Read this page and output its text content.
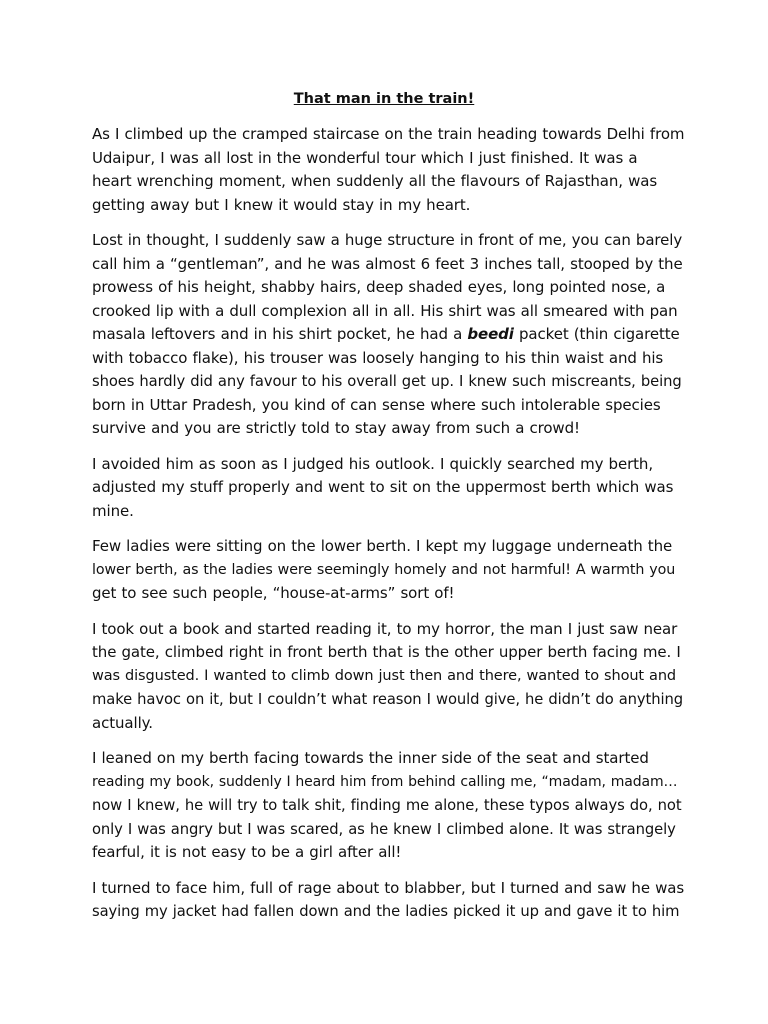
That man in the train!

As I climbed up the cramped staircase on the train heading towards Delhi from
Udaipur, I was all lost in the wonderful tour which I just finished. It was a
heart wrenching moment, when suddenly all the flavours of Rajasthan, was
getting away but I knew it would stay in my heart.

Lost in thought, I suddenly saw a huge structure in front of me, you can barely
call him a “gentleman”, and he was almost 6 feet 3 inches tall, stooped by the
prowess of his height, shabby hairs, deep shaded eyes, long pointed nose, a
crooked lip with a dull complexion all in all. His shirt was all smeared with pan
masala leftovers and in his shirt pocket, he had a beedi packet (thin cigarette
with tobacco flake), his trouser was loosely hanging to his thin waist and his
shoes hardly did any favour to his overall get up. I knew such miscreants, being
born in Uttar Pradesh, you kind of can sense where such intolerable species
survive and you are strictly told to stay away from such a crowd!

I avoided him as soon as I judged his outlook. I quickly searched my berth,
adjusted my stuff properly and went to sit on the uppermost berth which was
mine.

Few ladies were sitting on the lower berth. I kept my luggage underneath the
lower berth, as the ladies were seemingly homely and not harmful! A warmth you
get to see such people, “house-at-arms” sort of!

I took out a book and started reading it, to my horror, the man I just saw near
the gate, climbed right in front berth that is the other upper berth facing me. I
was disgusted. I wanted to climb down just then and there, wanted to shout and
make havoc on it, but I couldn’t what reason I would give, he didn’t do anything
actually.

I leaned on my berth facing towards the inner side of the seat and started
reading my book, suddenly I heard him from behind calling me, “madam, madam…
now I knew, he will try to talk shit, finding me alone, these typos always do, not
only I was angry but I was scared, as he knew I climbed alone. It was strangely
fearful, it is not easy to be a girl after all!

I turned to face him, full of rage about to blabber, but I turned and saw he was
saying my jacket had fallen down and the ladies picked it up and gave it to him
